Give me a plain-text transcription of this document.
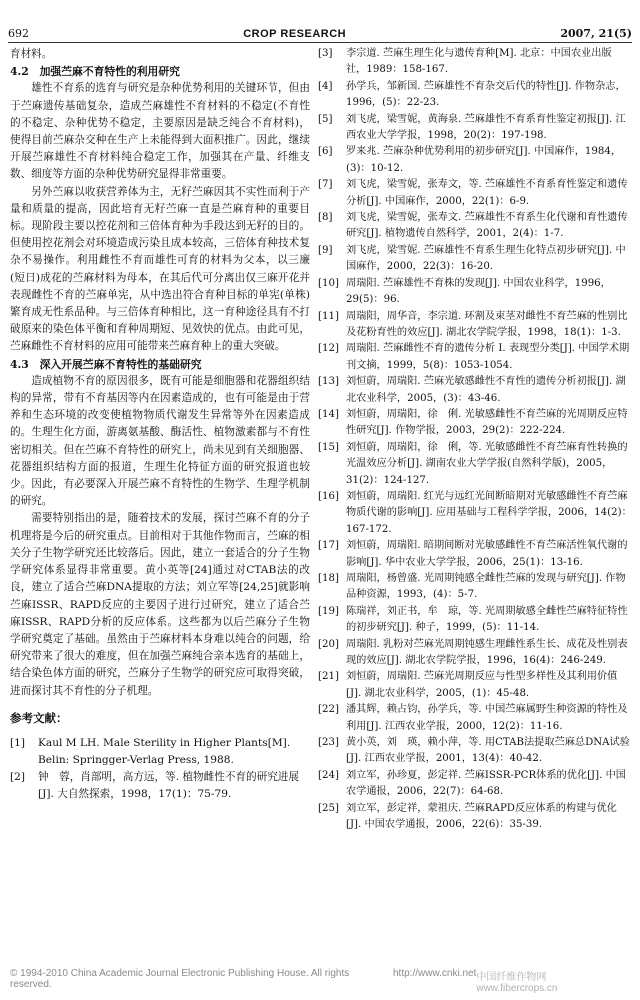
692	CROP RESEARCH	2007, 21(5)

育材料。

4.2　加强苎麻不育特性的利用研究

雄性不育系的选育与研究是杂种优势利用的关键环节，但由于苎麻遗传基础复杂，造成苎麻雄性不育材料的不稳定(不育性的不稳定、杂种优势不稳定，主要原因是缺乏纯合不育材料)，使得目前苎麻杂交种在生产上未能得到大面积推广。因此，继续开展苎麻雄性不育材料纯合稳定工作，加强其在产量、纤维支数、细度等方面的杂种优势研究显得非常重要。

另外苎麻以收获营养体为主，无籽苎麻因其不实性而利于产量和质量的提高，因此培育无籽苎麻一直是苎麻育种的重要目标。现阶段主要以控花剂和三倍体育种为手段达到无籽的目的。但使用控花剂会对环境造成污染且成本较高，三倍体育种技术复杂不易操作。利用雌性不育而雄性可育的材料为父本，以三廉(短日)成花的苎麻材料为母本，在其后代可分离出仅三麻开花并表现雌性不育的苎麻单宪，从中选出符合育种目标的单宪(单株)繁育成无性系品种。与三倍体育种相比，这一育种途径具有不打破原来的染色体平衡和育种周期短、见效快的优点。由此可见，苎麻雌性不育材料的应用可能带来苎麻育种上的重大突破。

4.3　深入开展苎麻不育特性的基础研究

造成植物不育的原因很多，既有可能是细胞器和花器组织结构的异常，带有不育基因等内在因素造成的，也有可能是由于营养和生态环境的改变使植物物质代谢发生异常等外在因素造成的。生理生化方面，游离氨基酸、酶活性、植物激素都与不育性密切相关。但在苎麻不育特性的研究上，尚未见到有关细胞器、花器组织结构方面的报道，生理生化特征方面的研究报道也较少。因此，有必要深入开展苎麻不育特性的生物学、生理学机制的研究。

需要特别指出的是，随着技术的发展，探讨苎麻不育的分子机理将是今后的研究重点。目前相对于其他作物而言，苎麻的相关分子生物学研究还比较落后。因此，建立一套适合的分子生物学研究体系显得非常重要。黄小英等[24]通过对CTAB法的改良，建立了适合苎麻DNA提取的方法；刘立军等[24,25]就影响苎麻ISSR、RAPD反应的主要因子进行过研究，建立了适合苎麻ISSR、RAPD分析的反应体系。这些都为以后苎麻分子生物学研究奠定了基础。虽然由于苎麻材料本身难以纯合的问题，给研究带来了很大的难度，但在加强苎麻纯合亲本选育的基础上，结合染色体方面的研究，苎麻分子生物学的研究应可取得突破，进而探讨其不育性的分子机理。

参考文献：
[1]	Kaul M LH. Male Sterility in Higher Plants[M]. Belin: Springger-Verlag Press, 1988.
[2]	钟　蓉，肖部明，高方远，等. 植物雌性不育的研究进展[J]. 大自然探索，1998，17(1)：75-79.
[3]	李宗道. 苎麻生理生化与遗传育种[M]. 北京：中国农业出版社，1989：158-167.
[4]	孙学兵，邹新国. 苎麻雄性不育杂交后代的特性[J]. 作物杂志，1996，(5)：22-23.
[5]	刘飞虎，梁雪妮，黄海泉. 苎麻雄性不育系育性鉴定初报[J]. 江西农业大学学报，1998，20(2)：197-198.
[6]	罗来兆. 苎麻杂种优势利用的初步研究[J]. 中国麻作，1984，(3)：10-12.
[7]	刘飞虎，梁雪妮，张寿文，等. 苎麻雄性不育系育性鉴定和遗传分析[J]. 中国麻作，2000，22(1)：6-9.
[8]	刘飞虎，梁雪妮，张寿文. 苎麻雄性不育系生化代谢和育性遗传研究[J]. 植物遗传自然科学，2001，2(4)：1-7.
[9]	刘飞虎，梁雪妮. 苎麻雄性不育系生理生化特点初步研究[J]. 中国麻作，2000，22(3)：16-20.
[10] 周瑞阳. 苎麻雄性不育株的发现[J]. 中国农业科学，1996，29(5)：96.
[11] 周瑞阳，周华音，李宗道. 环割及束茎对雌性不育苎麻的性别比及花粉育性的效应[J]. 湖北农学院学报，1998，18(1)：1-3.
[12] 周瑞阳. 苎麻雌性不育的遗传分析 Ⅰ. 表现型分类[J]. 中国学术期刊文摘，1999，5(8)：1053-1054.
[13] 刘恒蔚，周瑞阳. 苎麻光敏感雌性不育性的遗传分析初报[J]. 湖北农业科学，2005，(3)：43-46.
[14] 刘恒蔚，周瑞阳，徐　俐. 光敏感雌性不育苎麻的光周期反应特性研究[J]. 作物学报，2003，29(2)：222-224.
[15] 刘恒蔚，周瑞阳，徐　俐，等. 光敏感雌性不育苎麻育性转换的光温效应分析[J]. 湖南农业大学学报(自然科学版)，2005，31(2)：124-127.
[16] 刘恒蔚，周瑞阳. 红光与远红光间断暗期对光敏感雌性不育苎麻物质代谢的影响[J]. 应用基础与工程科学学报，2006，14(2)：167-172.
[17] 刘恒蔚，周瑞阳. 暗期间断对光敏感雌性不育苎麻活性氧代谢的影响[J]. 华中农业大学学报，2006，25(1)：13-16.
[18] 周瑞阳，杨曾盛. 光周期钝感全雌性苎麻的发现与研究[J]. 作物品种资源，1993，(4)：5-7.
[19] 陈瑞祥，刘正书，牟　琼，等. 光周期敏感全雌性苎麻特征特性的初步研究[J]. 种子，1999，(5)：11-14.
[20] 周瑞阳. 乳粉对苎麻光周期钝感生理雌性系生长、成花及性别表现的效应[J]. 湖北农学院学报，1996，16(4)：246-249.
[21] 刘恒蔚，周瑞阳. 苎麻光周期反应与性型多样性及其利用价值[J]. 湖北农业科学，2005，(1)：45-48.
[22] 潘其辉，赖占钧，孙学兵，等. 中国苎麻属野生种资源的特性及利用[J]. 江西农业学报，2000，12(2)：11-16.
[23] 黄小英，刘　瑛，赖小萍，等. 用CTAB法提取苎麻总DNA试验[J]. 江西农业学报，2001，13(4)：40-42.
[24] 刘立军，孙珍夏，彭定祥. 苎麻ISSR-PCR体系的优化[J]. 中国农学通报，2006，22(7)：64-68.
[25] 刘立军，彭定祥，蒙祖庆. 苎麻RAPD反应体系的构建与优化[J]. 中国农学通报，2006，22(6)：35-39.
© 1994-2010 China Academic Journal Electronic Publishing House. All rights reserved.
http://www.cnki.net 中国纤维作物网 www.fibercrops.cn
